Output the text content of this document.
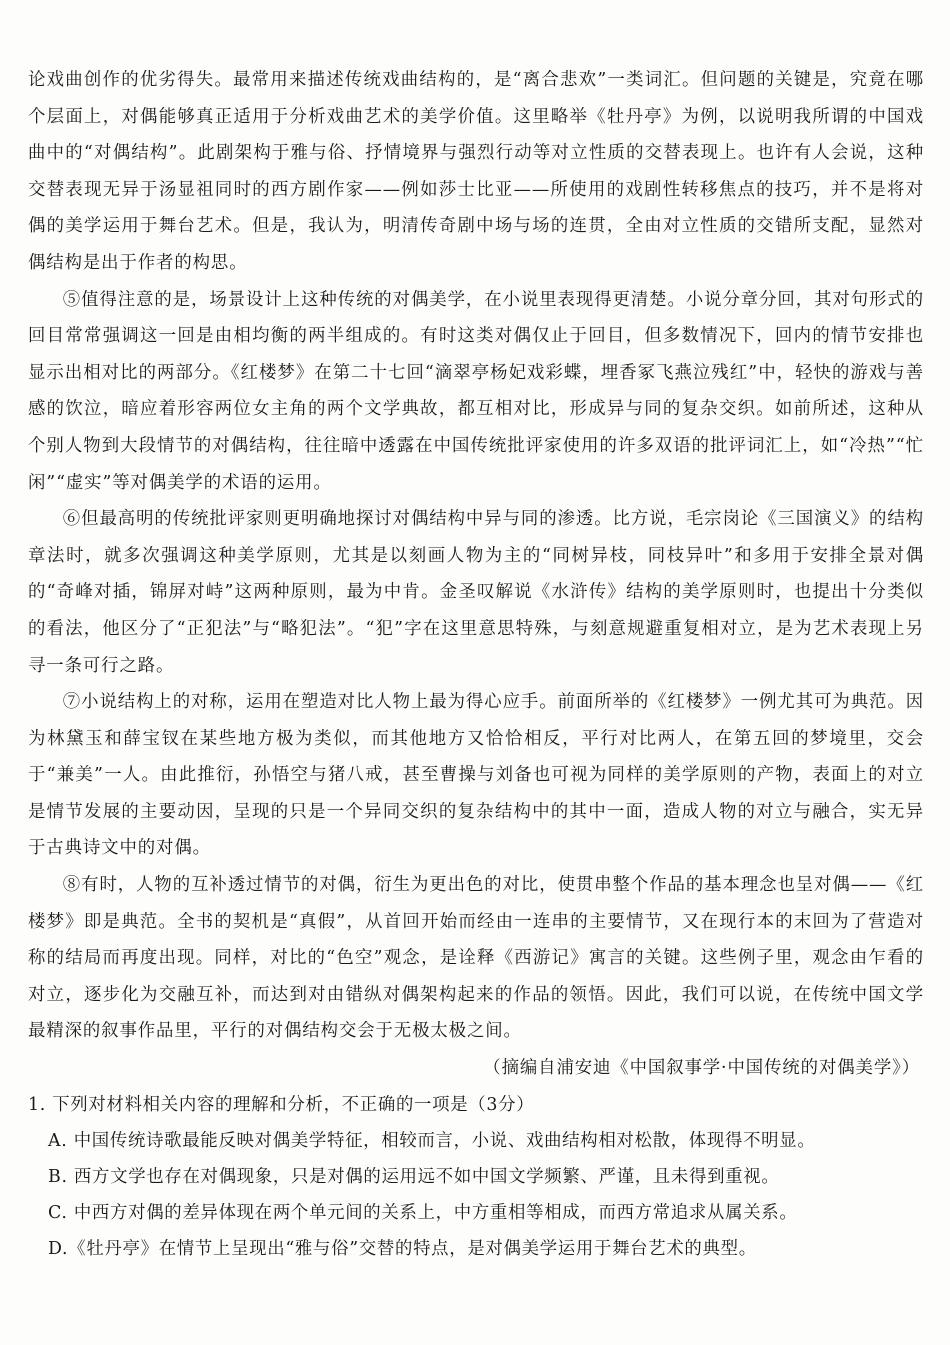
论戏曲创作的优劣得失。最常用来描述传统戏曲结构的，是“离合悲欢”一类词汇。但问题的关键是，究竟在哪个层面上，对偶能够真正适用于分析戏曲艺术的美学价值。这里略举《牡丹亭》为例，以说明我所谓的中国戏曲中的“对偶结构”。此剧架构于雅与俗、抒情境界与强烈行动等对立性质的交替表现上。也许有人会说，这种交替表现无异于汤显祖同时的西方剧作家——例如莎士比亚——所使用的戏剧性转移焦点的技巧，并不是将对偶的美学运用于舞台艺术。但是，我认为，明清传奇剧中场与场的连贯，全由对立性质的交错所支配，显然对偶结构是出于作者的构思。

⑤值得注意的是，场景设计上这种传统的对偶美学，在小说里表现得更清楚。小说分章分回，其对句形式的回目常常强调这一回是由相均衡的两半组成的。有时这类对偶仅止于回目，但多数情况下，回内的情节安排也显示出相对比的两部分。《红楼梦》在第二十七回“滴翠亭杨妃戏彩蝶，埋香冢飞燕泣残红”中，轻快的游戏与善感的饮泣，暗应着形容两位女主角的两个文学典故，都互相对比，形成异与同的复杂交织。如前所述，这种从个别人物到大段情节的对偶结构，往往暗中透露在中国传统批评家使用的许多双语的批评词汇上，如“冷热”“忙闲”“虚实”等对偶美学的术语的运用。

⑥但最高明的传统批评家则更明确地探讨对偶结构中异与同的渗透。比方说，毛宗岗论《三国演义》的结构章法时，就多次强调这种美学原则，尤其是以刻画人物为主的“同树异枝，同枝异叶”和多用于安排全景对偶的“奇峰对插，锦屏对峙”这两种原则，最为中肯。金圣叹解说《水浒传》结构的美学原则时，也提出十分类似的看法，他区分了“正犯法”与“略犯法”。“犯”字在这里意思特殊，与刻意规避重复相对立，是为艺术表现上另寻一条可行之路。

⑦小说结构上的对称，运用在塑造对比人物上最为得心应手。前面所举的《红楼梦》一例尤其可为典范。因为林黛玉和薛宝钗在某些地方极为类似，而其他地方又恰恰相反，平行对比两人，在第五回的梦境里，交会于“兼美”一人。由此推衍，孙悟空与猪八戒，甚至曹操与刘备也可视为同样的美学原则的产物，表面上的对立是情节发展的主要动因，呈现的只是一个异同交织的复杂结构中的其中一面，造成人物的对立与融合，实无异于古典诗文中的对偶。

⑧有时，人物的互补透过情节的对偶，衍生为更出色的对比，使贯串整个作品的基本理念也呈对偶——《红楼梦》即是典范。全书的契机是“真假”，从首回开始而经由一连串的主要情节，又在现行本的末回为了营造对称的结局而再度出现。同样，对比的“色空”观念，是诠释《西游记》寓言的关键。这些例子里，观念由乍看的对立，逐步化为交融互补，而达到对由错纵对偶架构起来的作品的领悟。因此，我们可以说，在传统中国文学最精深的叙事作品里，平行的对偶结构交会于无极太极之间。

（摘编自浦安迪《中国叙事学·中国传统的对偶美学》）

1. 下列对材料相关内容的理解和分析，不正确的一项是（3分）

A. 中国传统诗歌最能反映对偶美学特征，相较而言，小说、戏曲结构相对松散，体现得不明显。

B. 西方文学也存在对偶现象，只是对偶的运用远不如中国文学频繁、严谨，且未得到重视。

C. 中西方对偶的差异体现在两个单元间的关系上，中方重相等相成，而西方常追求从属关系。

D.《牡丹亭》在情节上呈现出“雅与俗”交替的特点，是对偶美学运用于舞台艺术的典型。
